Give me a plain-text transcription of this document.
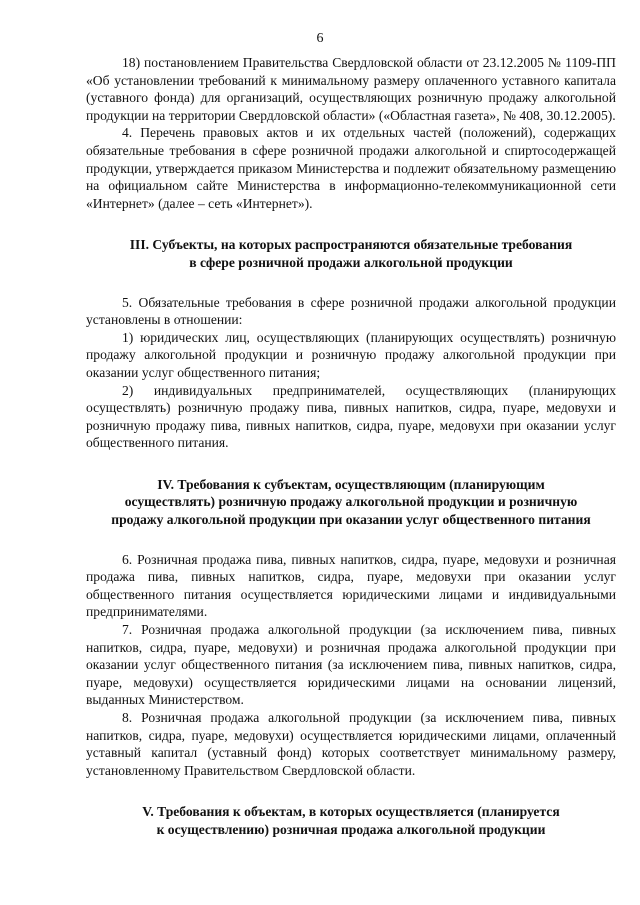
6

18) постановлением Правительства Свердловской области от 23.12.2005 № 1109-ПП «Об установлении требований к минимальному размеру оплаченного уставного капитала (уставного фонда) для организаций, осуществляющих розничную продажу алкогольной продукции на территории Свердловской области» («Областная газета», № 408, 30.12.2005).

4. Перечень правовых актов и их отдельных частей (положений), содержащих обязательные требования в сфере розничной продажи алкогольной и спиртосодержащей продукции, утверждается приказом Министерства и подлежит обязательному размещению на официальном сайте Министерства в информационно-телекоммуникационной сети «Интернет» (далее – сеть «Интернет»).

III. Субъекты, на которых распространяются обязательные требования
в сфере розничной продажи алкогольной продукции

5. Обязательные требования в сфере розничной продажи алкогольной продукции установлены в отношении:

1) юридических лиц, осуществляющих (планирующих осуществлять) розничную продажу алкогольной продукции и розничную продажу алкогольной продукции при оказании услуг общественного питания;

2) индивидуальных предпринимателей, осуществляющих (планирующих осуществлять) розничную продажу пива, пивных напитков, сидра, пуаре, медовухи и розничную продажу пива, пивных напитков, сидра, пуаре, медовухи при оказании услуг общественного питания.

IV. Требования к субъектам, осуществляющим (планирующим
осуществлять) розничную продажу алкогольной продукции и розничную
продажу алкогольной продукции при оказании услуг общественного питания

6. Розничная продажа пива, пивных напитков, сидра, пуаре, медовухи и розничная продажа пива, пивных напитков, сидра, пуаре, медовухи при оказании услуг общественного питания осуществляется юридическими лицами и индивидуальными предпринимателями.

7. Розничная продажа алкогольной продукции (за исключением пива, пивных напитков, сидра, пуаре, медовухи) и розничная продажа алкогольной продукции при оказании услуг общественного питания (за исключением пива, пивных напитков, сидра, пуаре, медовухи) осуществляется юридическими лицами на основании лицензий, выданных Министерством.

8. Розничная продажа алкогольной продукции (за исключением пива, пивных напитков, сидра, пуаре, медовухи) осуществляется юридическими лицами, оплаченный уставный капитал (уставный фонд) которых соответствует минимальному размеру, установленному Правительством Свердловской области.

V. Требования к объектам, в которых осуществляется (планируется
к осуществлению) розничная продажа алкогольной продукции
